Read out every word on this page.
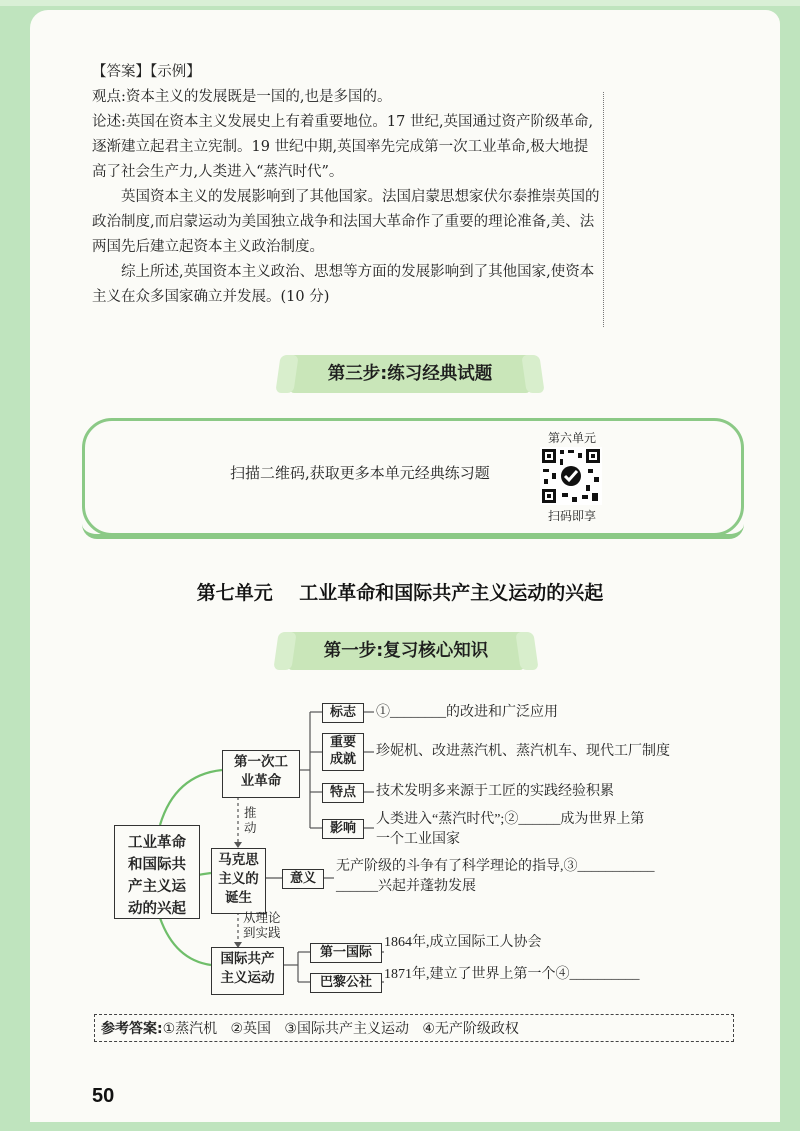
【答案】【示例】

观点:资本主义的发展既是一国的,也是多国的。

论述:英国在资本主义发展史上有着重要地位。17 世纪,英国通过资产阶级革命,逐渐建立起君主立宪制。19 世纪中期,英国率先完成第一次工业革命,极大地提高了社会生产力,人类进入“蒸汽时代”。

英国资本主义的发展影响到了其他国家。法国启蒙思想家伏尔泰推崇英国的政治制度,而启蒙运动为美国独立战争和法国大革命作了重要的理论准备,美、法两国先后建立起资本主义政治制度。

综上所述,英国资本主义政治、思想等方面的发展影响到了其他国家,使资本主义在众多国家确立并发展。(10 分)

第三步:练习经典试题
扫描二维码,获取更多本单元经典练习题
第六单元
扫码即享
第七单元    工业革命和国际共产主义运动的兴起
第一步:复习核心知识
工业革命和国际共产主义运动的兴起
第一次工业革命
马克思主义的诞生
国际共产主义运动
推动
从理论到实践
标志	①________的改进和广泛应用
重要成就
珍妮机、改进蒸汽机、蒸汽机车、现代工厂制度
特点	技术发明多来源于工匠的实践经验积累
影响
人类进入“蒸汽时代”;②______成为世界上第
一个工业国家
意义
无产阶级的斗争有了科学理论的指导,③___________
______兴起并蓬勃发展
第一国际
1864年,成立国际工人协会
巴黎公社
1871年,建立了世界上第一个④__________
参考答案:①蒸汽机   ②英国   ③国际共产主义运动   ④无产阶级政权
50
